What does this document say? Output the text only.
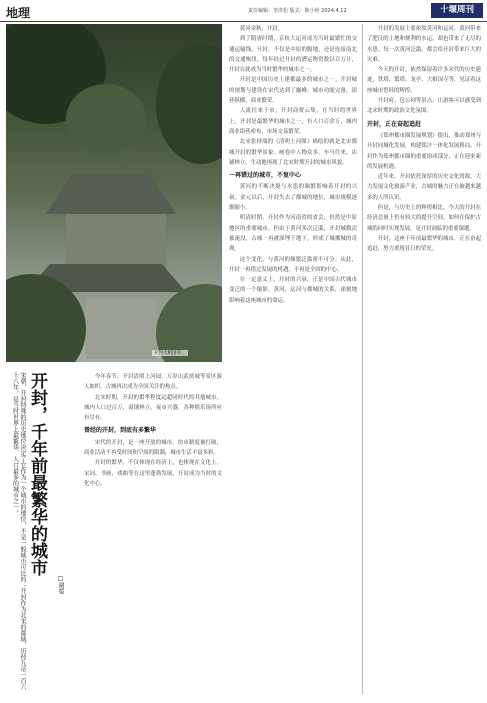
地理	责任编辑：李洪松 版式：陈小艳 2024.4.12	十堰周刊
开封大相国寺。
开封，千年前最繁华的城市
宋朝，开封特殊的历史地位决定了它作为一个城市的地位，不是一般城市可比的；开封作为北宋的都城，历经九帝一百六十八年，是当时世界上最繁华、人口最多的城市之一。
□谢冕

今年春节，开封清明上河园、万岁山武侠城等景区游人如织，古城再次成为全国关注的热点。

北宋时期，开封的繁华程度远超同时代的其他城市。城内人口过百万，商铺林立，夜市兴盛，各种娱乐场所应有尽有。

曾经的开封，到底有多繁华

宋代的开封，是一座开放的城市。坊市制度被打破，商业活动不再受时间和空间的限制，城市生活丰富多彩。

开封的繁华，不仅体现在经济上，也体现在文化上。宋词、书画、戏曲等在这里蓬勃发展，开封成为当时的文化中心。

黄河金秋，开封。

到了隋唐时期，京杭大运河成为当时最繁忙的交通运输线。开封，不仅是中原的腹地，还是连接南北的交通枢纽。每年经过开封的漕运物资数以百万计，开封自此成为当时繁华的城市之一。

开封是中国历史上建都最多的城市之一。开封城的规划与建设在宋代达到了巅峰，城市功能完备，街巷纵横，商业繁荣。

人流往来于市，开封商贾云集，在当时的世界上，开封是最繁华的城市之一，有人口百余万，城内商业街巷密布，市场交易繁荣。

北宋张择端的《清明上河图》描绘的就是北宋都城开封的繁华景象。画卷中人物众多，车马往来，店铺林立，生动地再现了北宋时期开封的城市风貌。

一再错过的城市，不复中心

黄河的不断决堤与水患的频繁影响着开封的兴衰。金元以后，开封失去了都城的地位，城市规模逐渐缩小。

明清时期，开封作为河南省的省会，仍然是中原地区的重要城市。但由于黄河多次泛滥，开封城数次被淹没，古城一再被深埋于地下，形成了城摞城的奇观。

这个变化，与黄河的频繁泛滥密不可分。从此，开封一再错过发展的机遇，不再是全国的中心。

在一定意义上，开封的兴衰，正是中国古代城市变迁的一个缩影。黄河、运河与都城的关系，深刻地影响着这座城市的命运。

开封的发展主要依靠黄河和运河，黄河带来了肥沃的土地和便利的水运，却也带来了无尽的水患。每一次黄河泛滥，都会给开封带来巨大的灾难。

今天的开封，依然保留着许多宋代的历史遗迹，铁塔、繁塔、龙亭、大相国寺等，见证着这座城市曾经的辉煌。

开封府、包公祠等景点，让游客可以感受到北宋时期的政治文化氛围。

开封，正在奋起追赶

《郑州都市圈发展规划》提出，推动郑州与开封同城化发展，构建郑汴一体化发展格局。开封作为郑州都市圈的重要组成部分，正在迎来新的发展机遇。

近年来，开封依托深厚的历史文化资源，大力发展文化旅游产业，古城的魅力正在被越来越多的人所认识。

但是，与历史上的辉煌相比，今天的开封在经济总量上仍有较大的提升空间。如何在保护古城的同时实现发展，是开封面临的重要课题。

开封，这座千年前最繁华的城市，正在奋起追赶，努力重现昔日的荣光。
